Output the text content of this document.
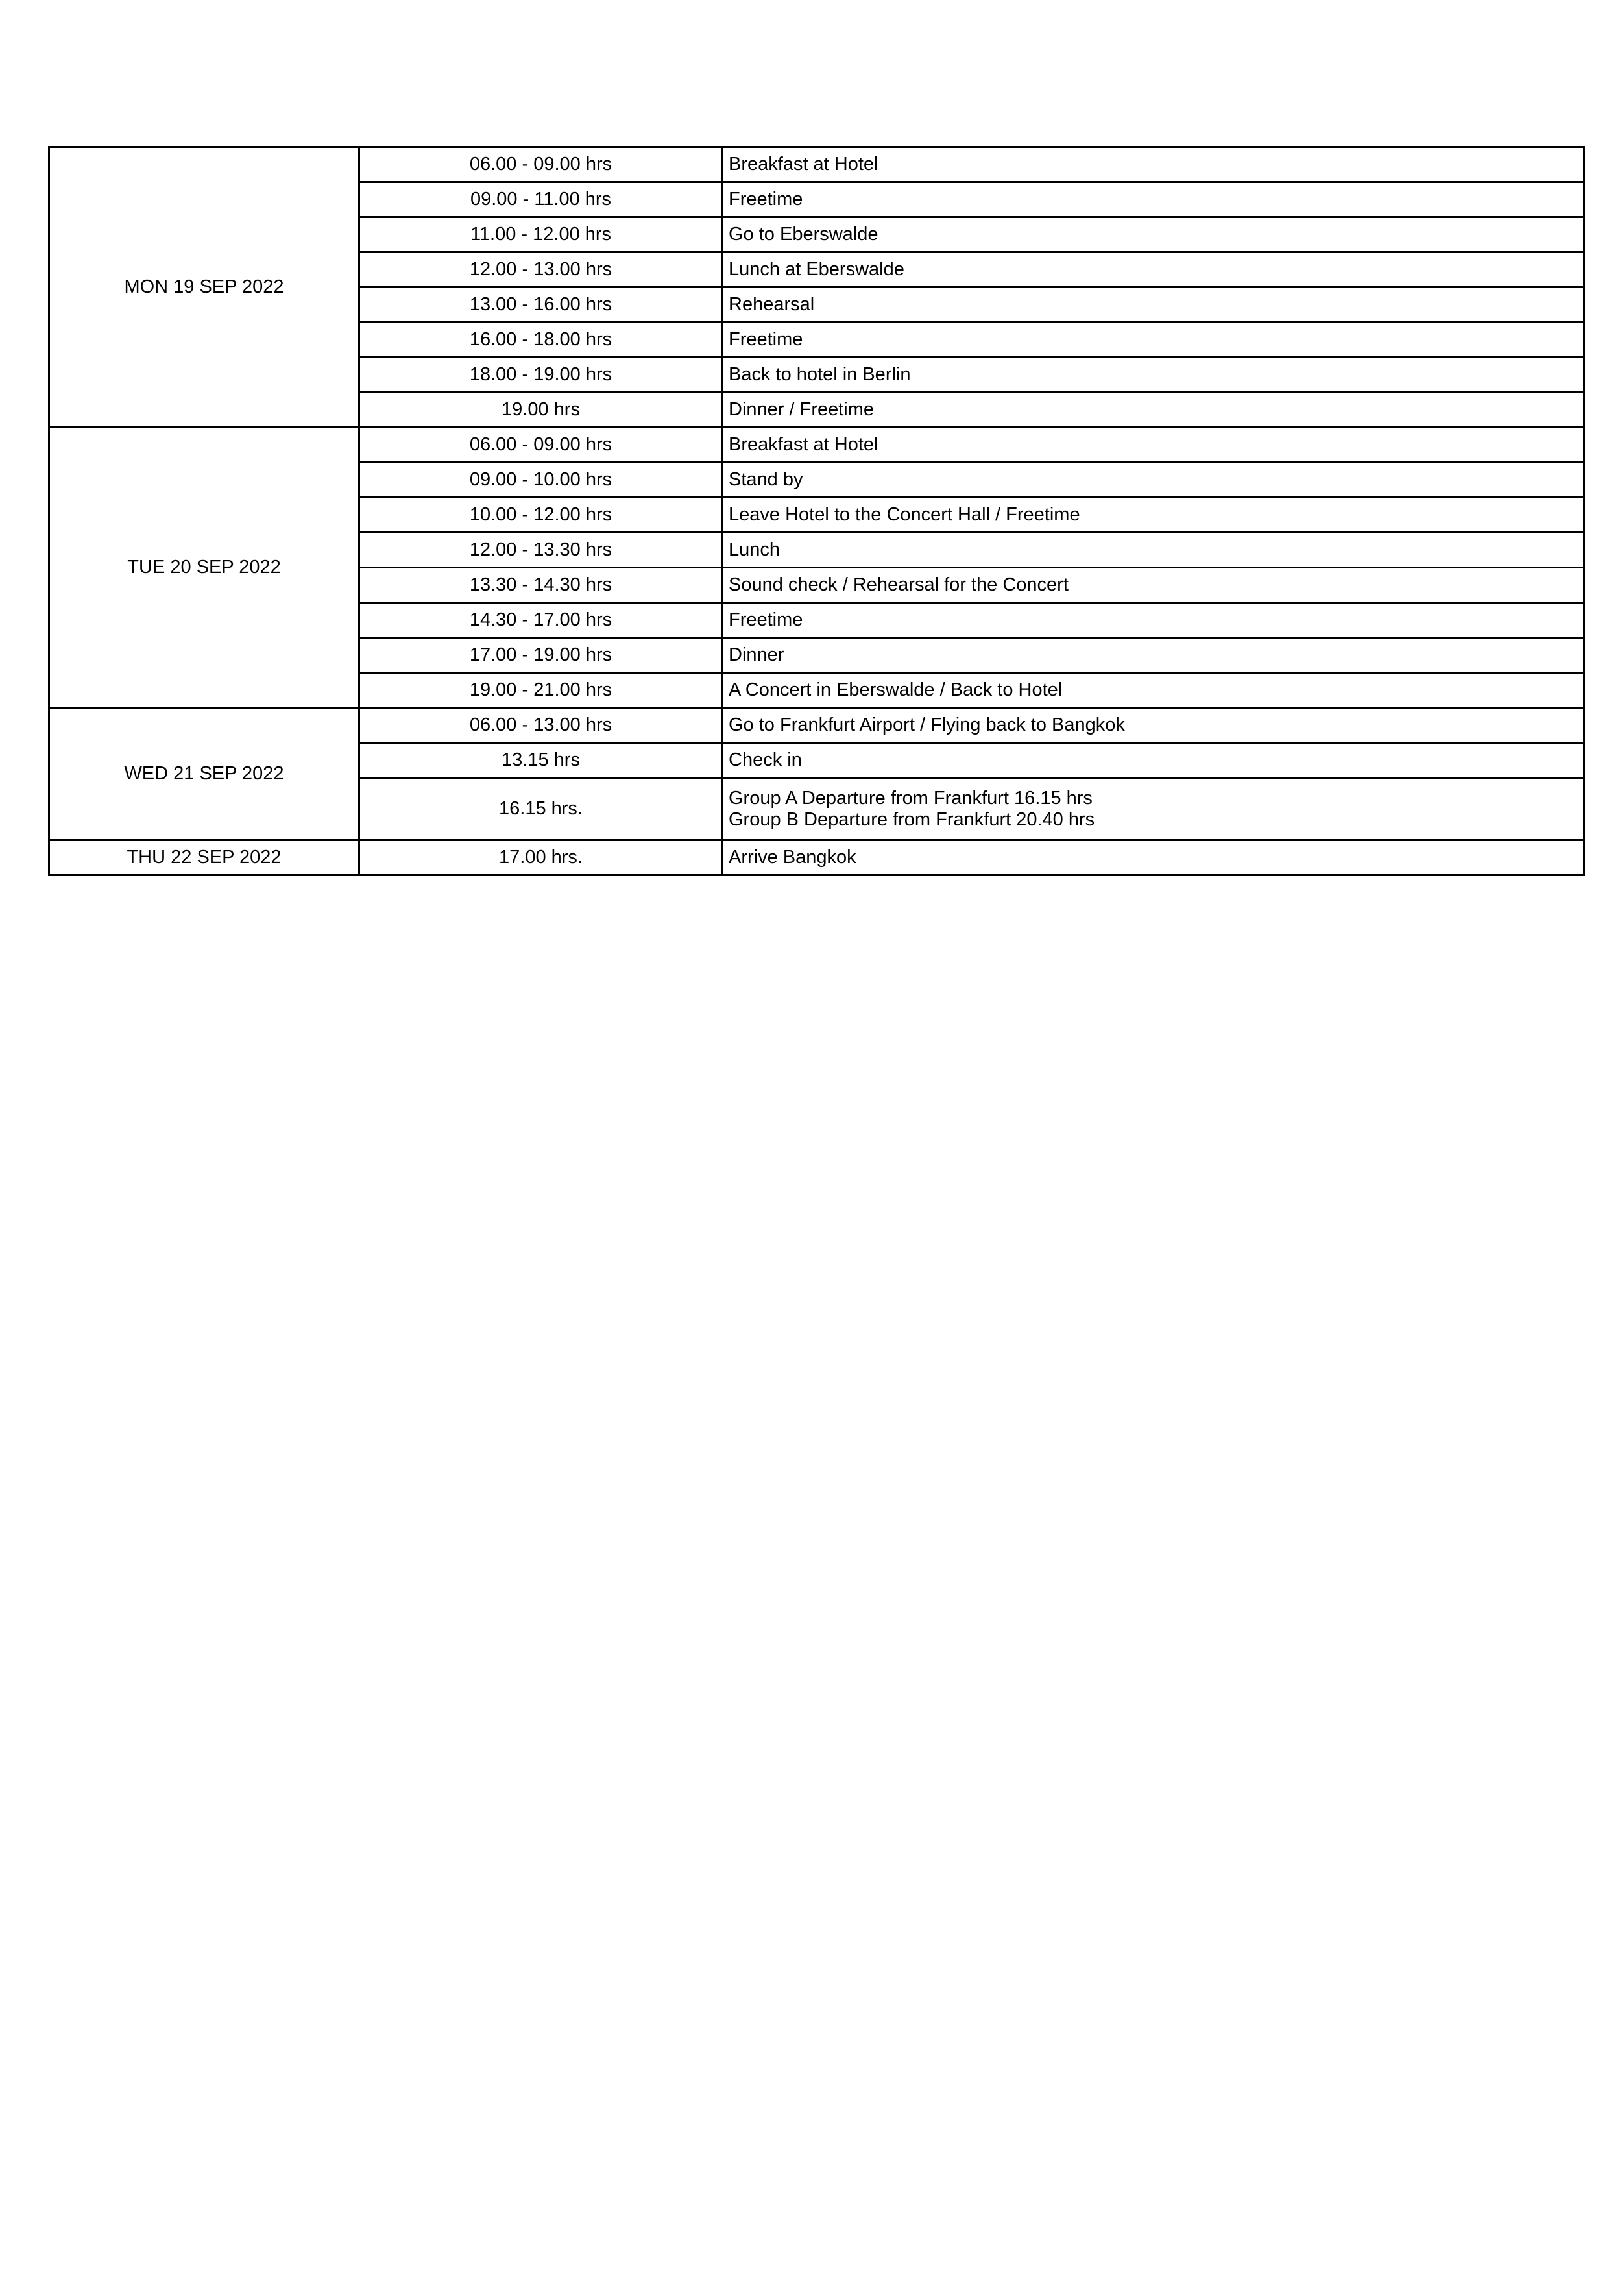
MON 19 SEP 2022	06.00 - 09.00 hrs	Breakfast at Hotel

	09.00 - 11.00 hrs	Freetime

	11.00 - 12.00 hrs	Go to Eberswalde

	12.00 - 13.00 hrs	Lunch at Eberswalde

	13.00 - 16.00 hrs	Rehearsal

	16.00 - 18.00 hrs	Freetime

	18.00 - 19.00 hrs	Back to hotel in Berlin

	19.00 hrs	Dinner / Freetime

TUE 20 SEP 2022	06.00 - 09.00 hrs	Breakfast at Hotel

	09.00 - 10.00 hrs	Stand by

	10.00 - 12.00 hrs	Leave Hotel to the Concert Hall / Freetime

	12.00 - 13.30 hrs	Lunch

	13.30 - 14.30 hrs	Sound check / Rehearsal for the Concert

	14.30 - 17.00 hrs	Freetime

	17.00 - 19.00 hrs	Dinner

	19.00 - 21.00 hrs	A Concert in Eberswalde / Back to Hotel

WED 21 SEP 2022	06.00 - 13.00 hrs	Go to Frankfurt Airport / Flying back to Bangkok

	13.15 hrs	Check in

	16.15 hrs.	Group A Departure from Frankfurt 16.15 hrs
Group B Departure from Frankfurt 20.40 hrs

THU 22 SEP 2022	17.00 hrs.	Arrive Bangkok
